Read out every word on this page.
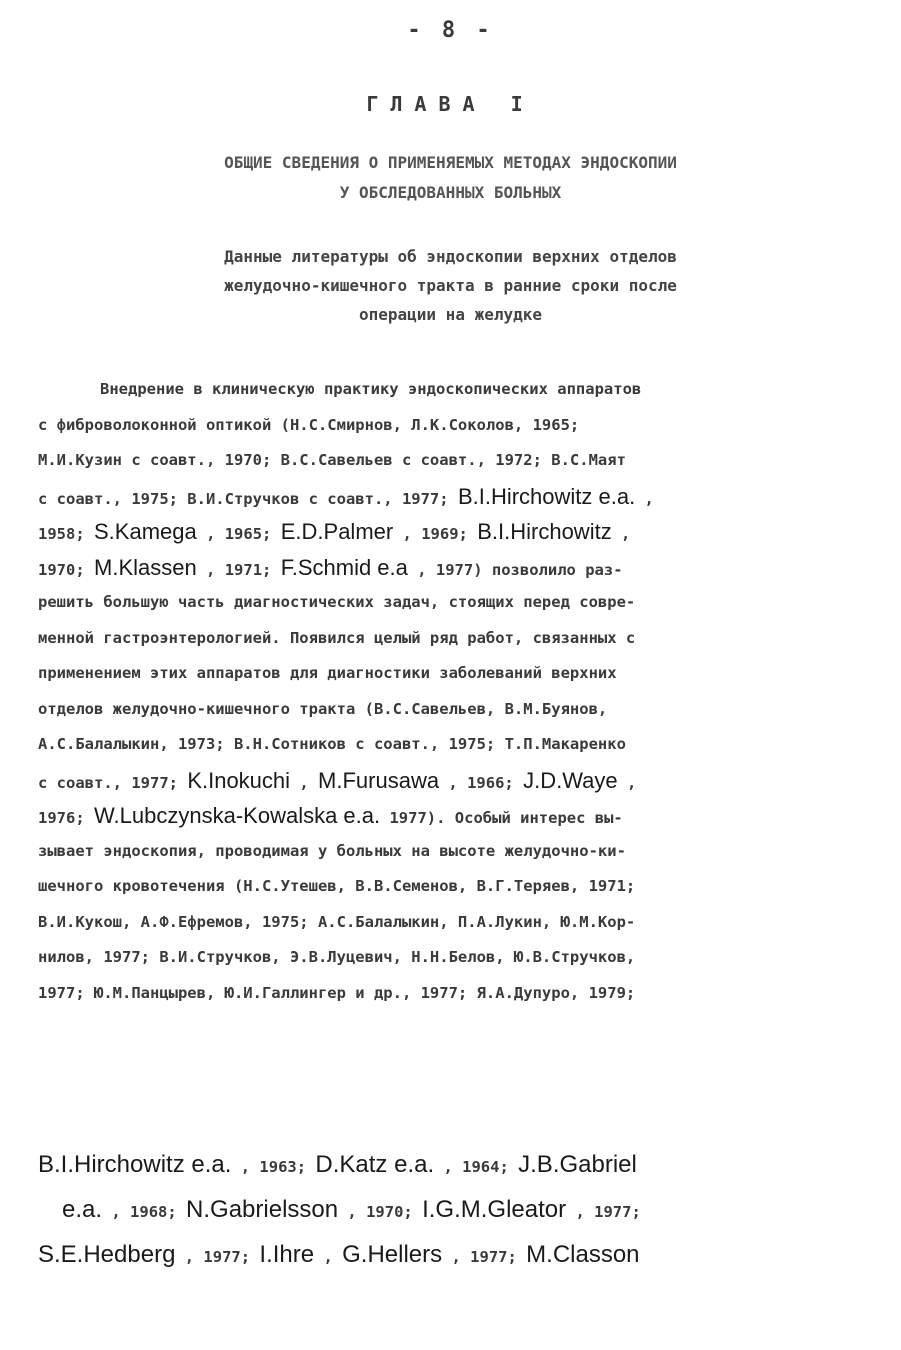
- 8 -
ГЛАВА I
ОБЩИЕ СВЕДЕНИЯ О ПРИМЕНЯЕМЫХ МЕТОДАХ ЭНДОСКОПИИ
У ОБСЛЕДОВАННЫХ БОЛЬНЫХ
Данные литературы об эндоскопии верхних отделов
желудочно-кишечного тракта в ранние сроки после
операции на желудке
Внедрение в клиническую практику эндоскопических аппаратов
с фиброволоконной оптикой (Н.С.Смирнов, Л.К.Соколов, 1965;
М.И.Кузин с соавт., 1970; В.С.Савельев с соавт., 1972; В.С.Маят
с соавт., 1975; В.И.Стручков с соавт., 1977; B.I.Hirchowitz e.a. ,
1958; S.Kamega , 1965; E.D.Palmer , 1969; B.I.Hirchowitz ,
1970; M.Klassen , 1971; F.Schmid e.a , 1977) позволило раз-
решить большую часть диагностических задач, стоящих перед совре-
менной гастроэнтерологией. Появился целый ряд работ, связанных с
применением этих аппаратов для диагностики заболеваний верхних
отделов желудочно-кишечного тракта (В.С.Савельев, В.М.Буянов,
А.С.Балалыкин, 1973; В.Н.Сотников с соавт., 1975; Т.П.Макаренко
с соавт., 1977; K.Inokuchi , M.Furusawa , 1966; J.D.Waye ,
1976; W.Lubczynska-Kowalska e.a. 1977). Особый интерес вы-
зывает эндоскопия, проводимая у больных на высоте желудочно-ки-
шечного кровотечения (Н.С.Утешев, В.В.Семенов, В.Г.Теряев, 1971;
В.И.Кукош, А.Ф.Ефремов, 1975; А.С.Балалыкин, П.А.Лукин, Ю.М.Кор-
нилов, 1977; В.И.Стручков, Э.В.Луцевич, Н.Н.Белов, Ю.В.Стручков,
1977; Ю.М.Панцырев, Ю.И.Галлингер и др., 1977; Я.А.Дупуро, 1979;
B.I.Hirchowitz e.a. , 1963; D.Katz e.a. , 1964; J.B.Gabriel
e.a. , 1968; N.Gabrielsson , 1970; I.G.M.Gleator , 1977;
S.E.Hedberg , 1977; I.Ihre , G.Hellers , 1977; M.Classon
